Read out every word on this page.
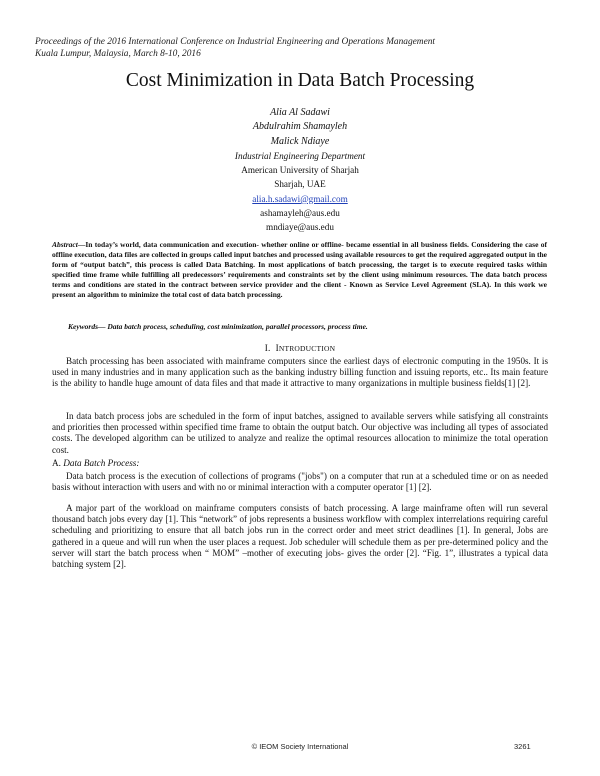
Proceedings of the 2016 International Conference on Industrial Engineering and Operations Management
Kuala Lumpur, Malaysia, March 8-10, 2016
Cost Minimization in Data Batch Processing
Alia Al Sadawi
Abdulrahim Shamayleh
Malick Ndiaye
Industrial Engineering Department
American University of Sharjah
Sharjah, UAE
alia.h.sadawi@gmail.com
ashamayleh@aus.edu
mndiaye@aus.edu

Abstract—In today’s world, data communication and execution- whether online or offline- became essential in all business fields. Considering the case of offline execution, data files are collected in groups called input batches and processed using available resources to get the required aggregated output in the form of “output batch”, this process is called Data Batching. In most applications of batch processing, the target is to execute required tasks within specified time frame while fulfilling all predecessors’ requirements and constraints set by the client using minimum resources. The data batch process terms and conditions are stated in the contract between service provider and the client - Known as Service Level Agreement (SLA). In this work we present an algorithm to minimize the total cost of data batch processing.

Keywords— Data batch process, scheduling, cost minimization, parallel processors, process time.

I. INTRODUCTION

Batch processing has been associated with mainframe computers since the earliest days of electronic computing in the 1950s. It is used in many industries and in many application such as the banking industry billing function and issuing reports, etc.. Its main feature is the ability to handle huge amount of data files and that made it attractive to many organizations in multiple business fields[1] [2].

In data batch process jobs are scheduled in the form of input batches, assigned to available servers while satisfying all constraints and priorities then processed within specified time frame to obtain the output batch. Our objective was including all types of associated costs. The developed algorithm can be utilized to analyze and realize the optimal resources allocation to minimize the total operation cost.

A. Data Batch Process:

Data batch process is the execution of collections of programs ("jobs") on a computer that run at a scheduled time or on as needed basis without interaction with users and with no or minimal interaction with a computer operator [1] [2].

A major part of the workload on mainframe computers consists of batch processing. A large mainframe often will run several thousand batch jobs every day [1]. This “network” of jobs represents a business workflow with complex interrelations requiring careful scheduling and prioritizing to ensure that all batch jobs run in the correct order and meet strict deadlines [1]. In general, Jobs are gathered in a queue and will run when the user places a request. Job scheduler will schedule them as per pre-determined policy and the server will start the batch process when “ MOM” –mother of executing jobs- gives the order [2]. “Fig. 1”, illustrates a typical data batching system [2].

© IEOM Society International	3261
